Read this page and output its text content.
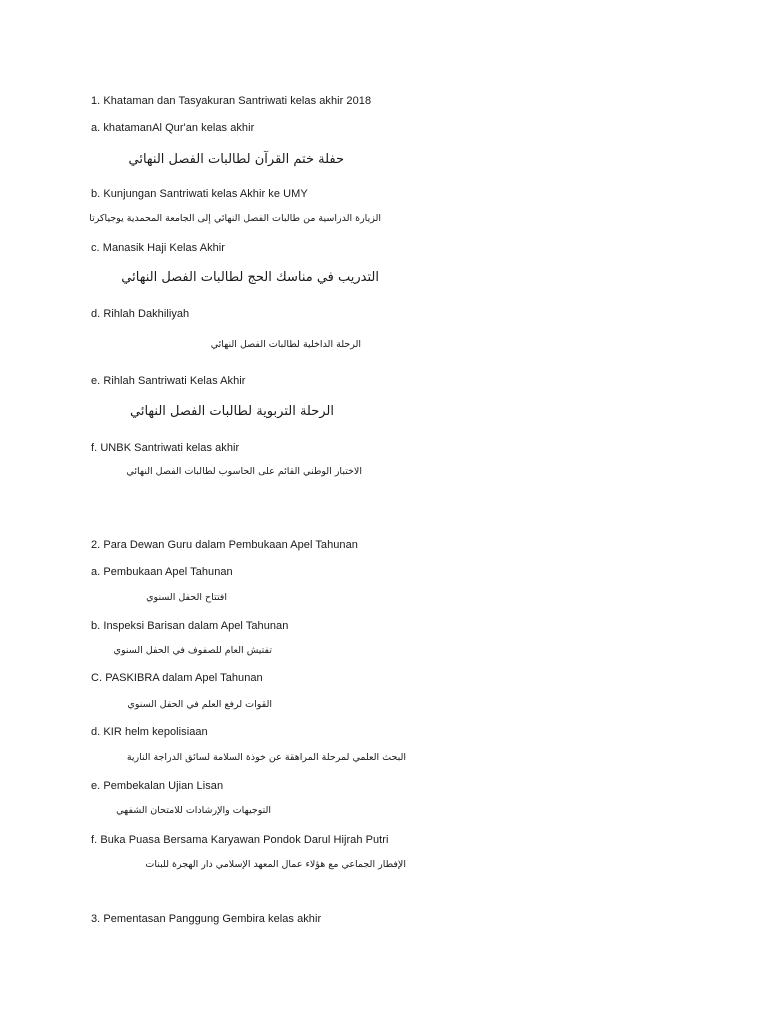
1. Khataman dan Tasyakuran Santriwati kelas akhir 2018
a. khatamanAl Qur'an kelas akhir
حفلة ختم القرآن لطالبات الفصل النهائي
b. Kunjungan Santriwati kelas Akhir ke UMY
الزيارة الدراسية من طالبات الفصل النهائي إلى الجامعة المحمدية يوجياكرتا
c. Manasik Haji Kelas Akhir
التدريب في مناسك الحج لطالبات الفصل النهائي
d. Rihlah Dakhiliyah
الرحلة الداخلية لطالبات الفصل النهائي
e. Rihlah Santriwati Kelas Akhir
الرحلة التربوية لطالبات الفصل النهائي
f. UNBK Santriwati kelas akhir
الاختبار الوطني القائم على الحاسوب لطالبات الفصل النهائي
2. Para Dewan Guru dalam Pembukaan Apel Tahunan
a. Pembukaan Apel Tahunan
افتتاح الحفل السنوي
b. Inspeksi Barisan dalam Apel Tahunan
تفتيش العام للصفوف في الحفل السنوي
C. PASKIBRA dalam Apel Tahunan
القوات لرفع العلم في الحفل السنوي
d. KIR helm kepolisiaan
البحث العلمي لمرحلة المراهقة عن خوذة السلامة لسائق الدراجة النارية
e. Pembekalan Ujian Lisan
التوجيهات والإرشادات للامتحان الشفهي
f. Buka Puasa Bersama Karyawan Pondok Darul Hijrah Putri
الإفطار الجماعي مع هؤلاء عمال المعهد الإسلامي دار الهجرة للبنات
3. Pementasan Panggung Gembira kelas akhir
